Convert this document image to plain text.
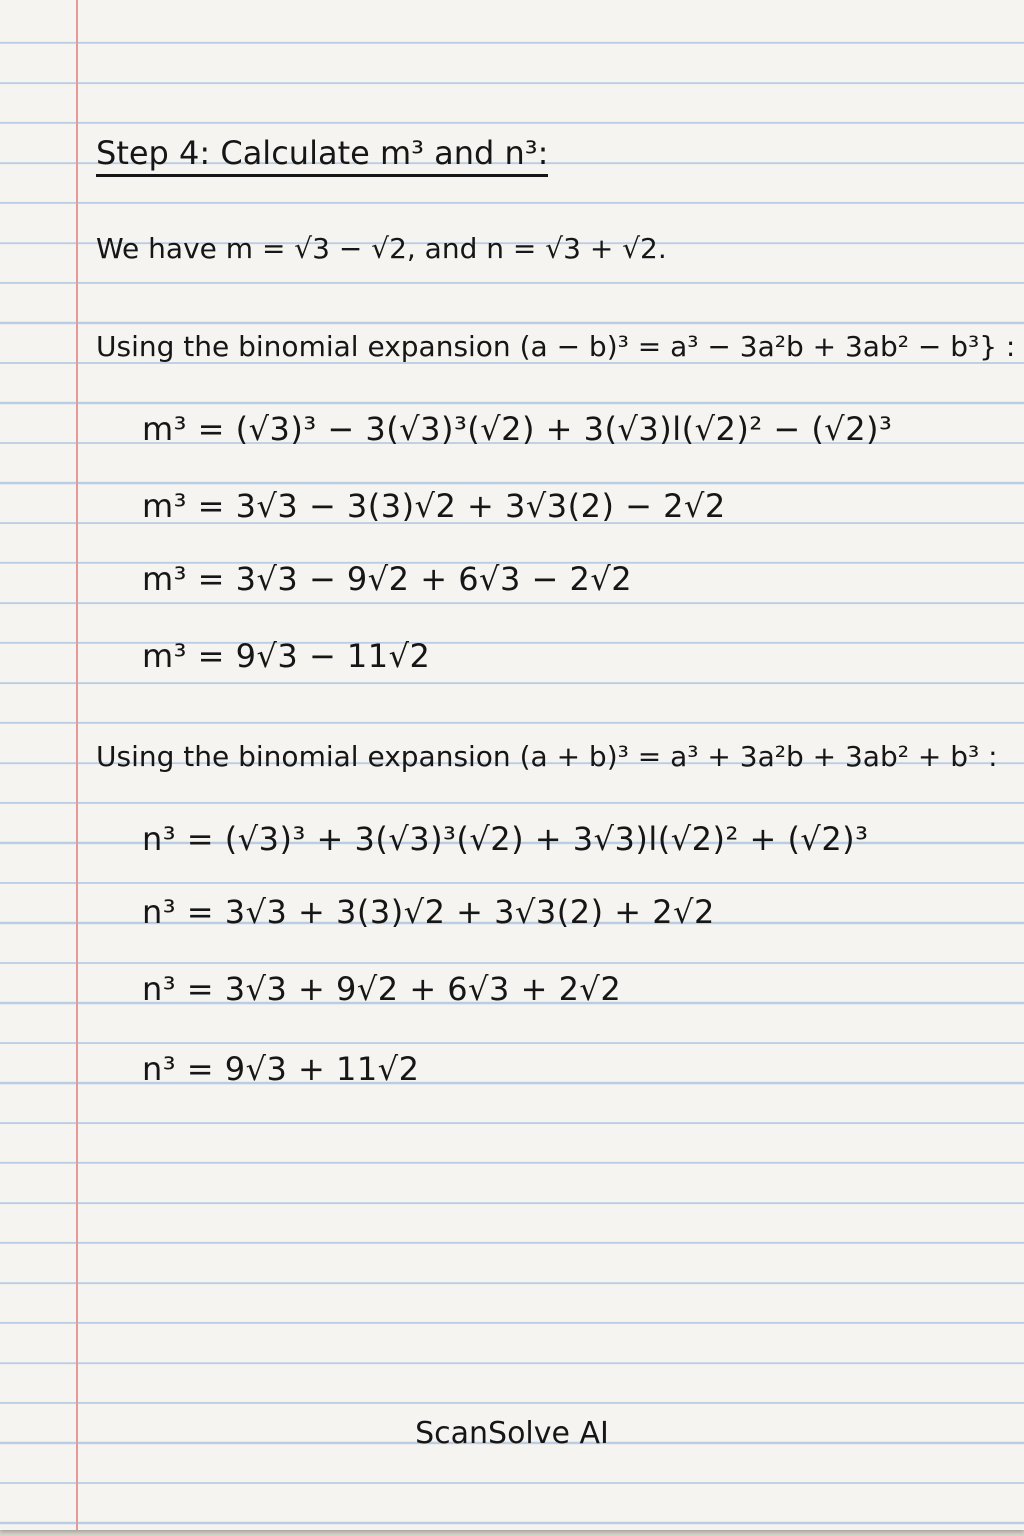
Step 4: Calculate m³ and n³:
We have m = √3 − √2, and n = √3 + √2.
Using the binomial expansion (a − b)³ = a³ − 3a²b + 3ab² − b³} :
m³ = (√3)³ − 3(√3)³(√2) + 3(√3)l(√2)² − (√2)³
m³ = 3√3 − 3(3)√2 + 3√3(2) − 2√2
m³ = 3√3 − 9√2 + 6√3 − 2√2
m³ = 9√3 − 11√2
Using the binomial expansion (a + b)³ = a³ + 3a²b + 3ab² + b³ :
n³ = (√3)³ + 3(√3)³(√2) + 3√3)l(√2)² + (√2)³
n³ = 3√3 + 3(3)√2 + 3√3(2) + 2√2
n³ = 3√3 + 9√2 + 6√3 + 2√2
n³ = 9√3 + 11√2
ScanSolve AI
